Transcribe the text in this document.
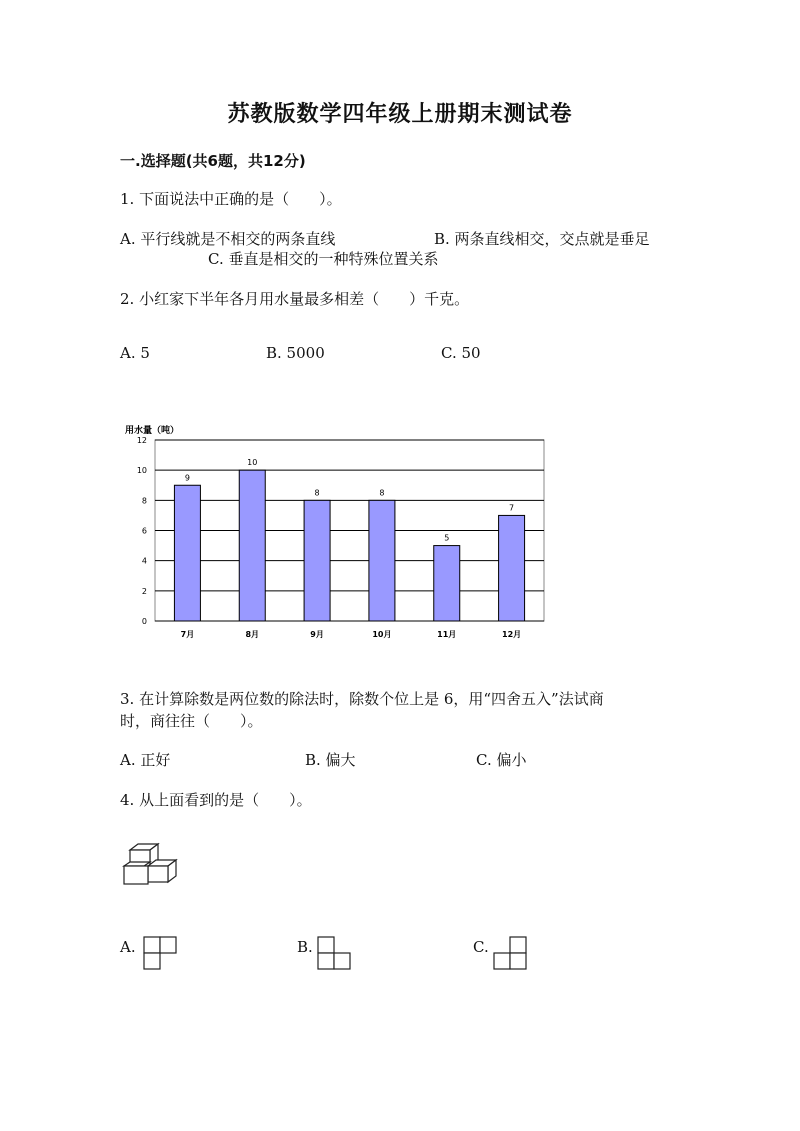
苏教版数学四年级上册期末测试卷
一.选择题(共6题，共12分)
1. 下面说法中正确的是（　　）。
A. 平行线就是不相交的两条直线	B. 两条直线相交，交点就是垂足
C. 垂直是相交的一种特殊位置关系
2. 小红家下半年各月用水量最多相差（　　）千克。
A. 5	B. 5000	C. 50
用水量（吨）
0
2
4
6
8
10
12
9
10
8	8
5
7
7月	8月	9月	10月	11月	12月
3. 在计算除数是两位数的除法时，除数个位上是 6，用“四舍五入”法试商
时，商往往（　　）。
A. 正好	B. 偏大	C. 偏小
4. 从上面看到的是（　　）。
A.	B.	C.
